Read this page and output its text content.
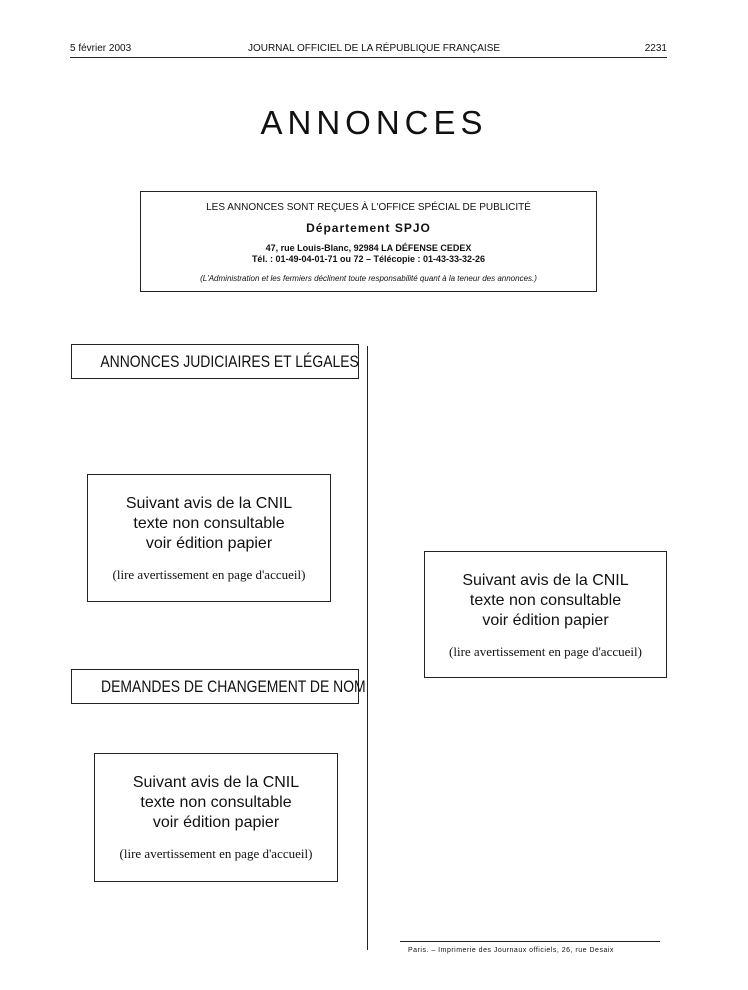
5 février 2003	JOURNAL OFFICIEL DE LA RÉPUBLIQUE FRANÇAISE	2231
ANNONCES
LES ANNONCES SONT REÇUES À L'OFFICE SPÉCIAL DE PUBLICITÉ
Département SPJO
47, rue Louis-Blanc, 92984 LA DÉFENSE CEDEX
Tél. : 01-49-04-01-71 ou 72 – Télécopie : 01-43-33-32-26
(L'Administration et les fermiers déclinent toute responsabilité quant à la teneur des annonces.)
ANNONCES JUDICIAIRES ET LÉGALES
Suivant avis de la CNIL
texte non consultable
voir édition papier
(lire avertissement en page d'accueil)
DEMANDES DE CHANGEMENT DE NOM
Suivant avis de la CNIL
texte non consultable
voir édition papier
(lire avertissement en page d'accueil)
Suivant avis de la CNIL
texte non consultable
voir édition papier
(lire avertissement en page d'accueil)
Paris. – Imprimerie des Journaux officiels, 26, rue Desaix
